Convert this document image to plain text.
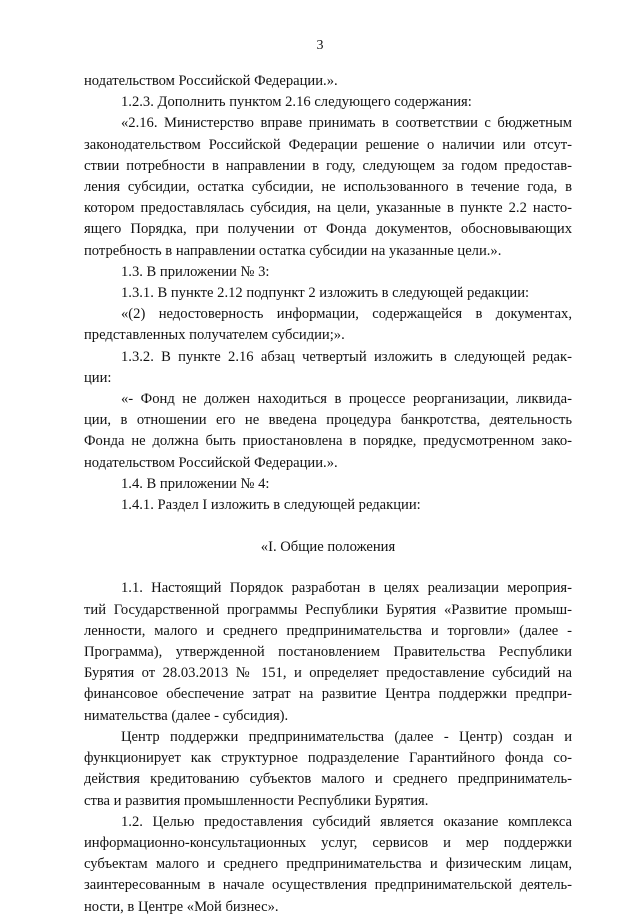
3
нодательством Российской Федерации.».
1.2.3. Дополнить пунктом 2.16 следующего содержания:
«2.16. Министерство вправе принимать в соответствии с бюджетным
законодательством Российской Федерации решение о наличии или отсут-
ствии потребности в направлении в году, следующем за годом предостав-
ления субсидии, остатка субсидии, не использованного в течение года, в
котором предоставлялась субсидия, на цели, указанные в пункте 2.2 насто-
ящего Порядка, при получении от Фонда документов, обосновывающих
потребность в направлении остатка субсидии на указанные цели.».
1.3. В приложении № 3:
1.3.1. В пункте 2.12 подпункт 2 изложить в следующей редакции:
«(2) недостоверность информации, содержащейся в документах,
представленных получателем субсидии;».
1.3.2. В пункте 2.16 абзац четвертый изложить в следующей редак-
ции:
«- Фонд не должен находиться в процессе реорганизации, ликвида-
ции, в отношении его не введена процедура банкротства, деятельность
Фонда не должна быть приостановлена в порядке, предусмотренном зако-
нодательством Российской Федерации.».
1.4. В приложении № 4:
1.4.1. Раздел I изложить в следующей редакции:
«I. Общие положения
1.1. Настоящий Порядок разработан в целях реализации мероприя-
тий Государственной программы Республики Бурятия «Развитие промыш-
ленности, малого и среднего предпринимательства и торговли» (далее -
Программа), утвержденной постановлением Правительства Республики
Бурятия от 28.03.2013 № 151, и определяет предоставление субсидий на
финансовое обеспечение затрат на развитие Центра поддержки предпри-
нимательства (далее - субсидия).
Центр поддержки предпринимательства (далее - Центр) создан и
функционирует как структурное подразделение Гарантийного фонда со-
действия кредитованию субъектов малого и среднего предприниматель-
ства и развития промышленности Республики Бурятия.
1.2. Целью предоставления субсидий является оказание комплекса
информационно-консультационных услуг, сервисов и мер поддержки
субъектам малого и среднего предпринимательства и физическим лицам,
заинтересованным в начале осуществления предпринимательской деятель-
ности, в Центре «Мой бизнес».
